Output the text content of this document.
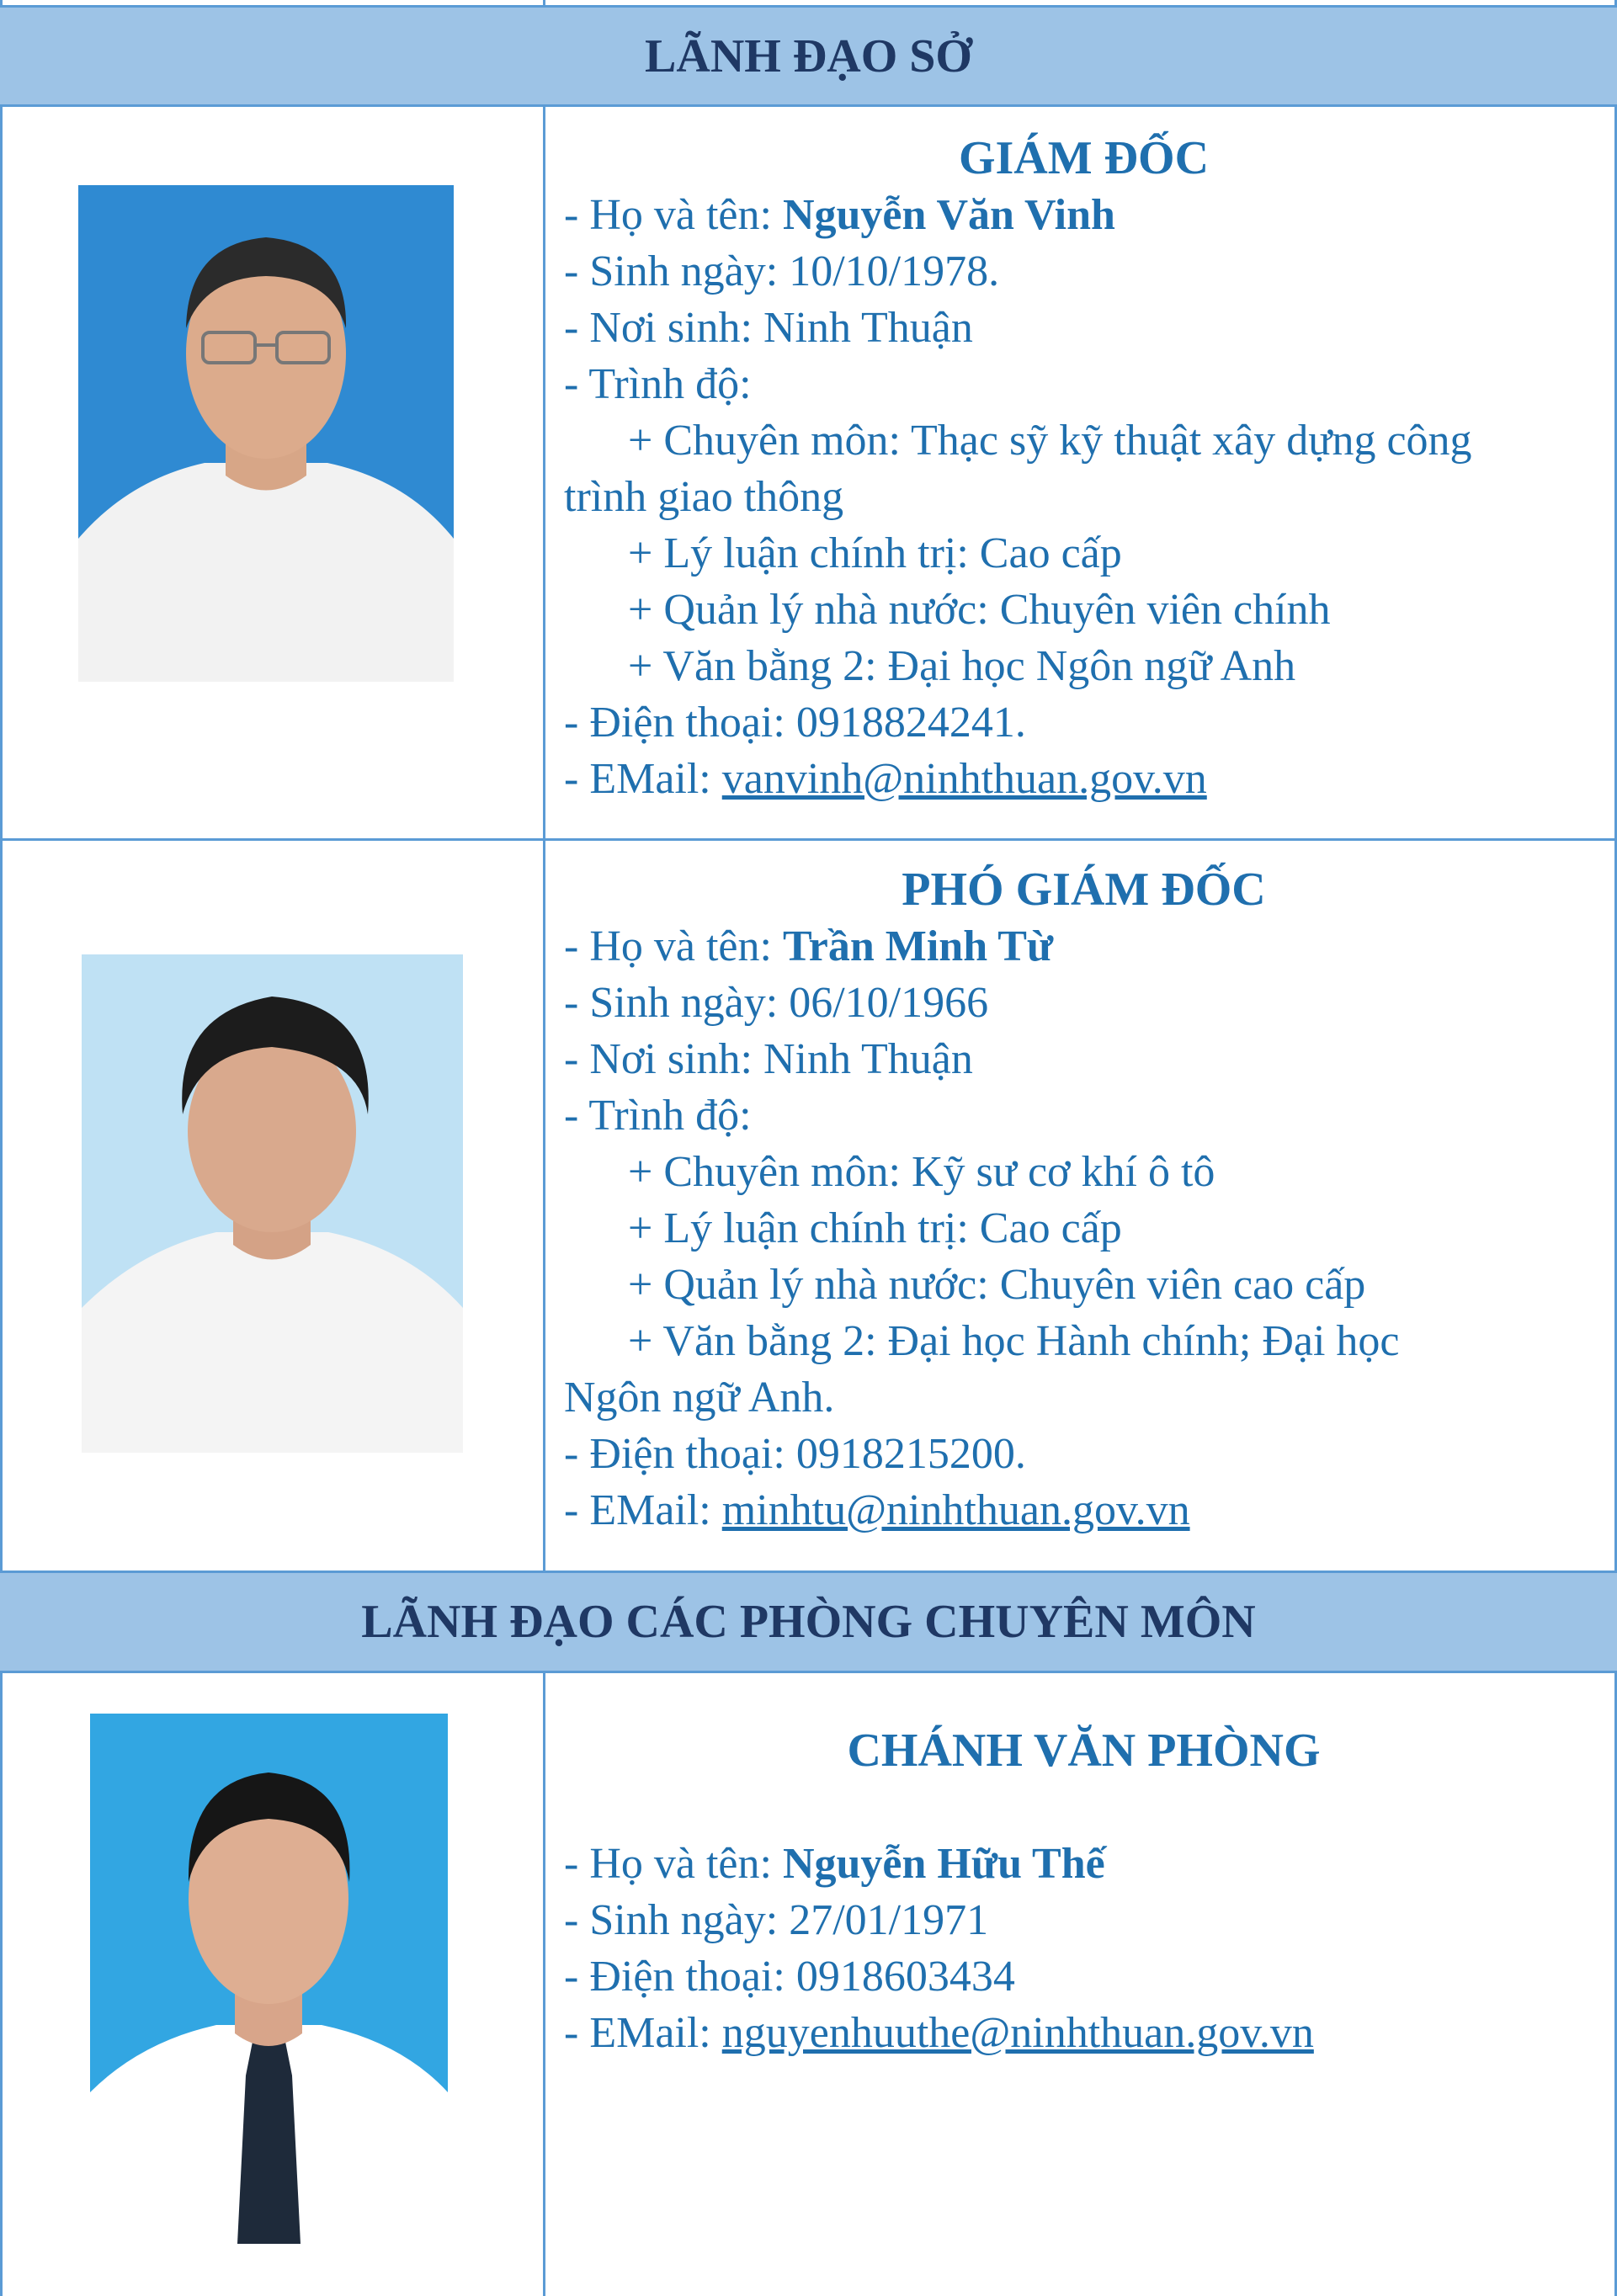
LÃNH ĐẠO SỞ
GIÁM ĐỐC
- Họ và tên: Nguyễn Văn Vinh
- Sinh ngày: 10/10/1978.
- Nơi sinh: Ninh Thuận
- Trình độ:
+ Chuyên môn: Thạc sỹ kỹ thuật xây dựng công
trình giao thông
+ Lý luận chính trị: Cao cấp
+ Quản lý nhà nước: Chuyên viên chính
+ Văn bằng 2: Đại học Ngôn ngữ Anh
- Điện thoại: 0918824241.
- EMail: vanvinh@ninhthuan.gov.vn
PHÓ GIÁM ĐỐC
- Họ và tên: Trần Minh Từ
- Sinh ngày: 06/10/1966
- Nơi sinh: Ninh Thuận
- Trình độ:
+ Chuyên môn: Kỹ sư cơ khí ô tô
+ Lý luận chính trị: Cao cấp
+ Quản lý nhà nước: Chuyên viên cao cấp
+ Văn bằng 2: Đại học Hành chính; Đại học
Ngôn ngữ Anh.
- Điện thoại: 0918215200.
- EMail: minhtu@ninhthuan.gov.vn
LÃNH ĐẠO CÁC PHÒNG CHUYÊN MÔN
CHÁNH VĂN PHÒNG
- Họ và tên: Nguyễn Hữu Thế
- Sinh ngày: 27/01/1971
- Điện thoại: 0918603434
- EMail: nguyenhuuthe@ninhthuan.gov.vn
